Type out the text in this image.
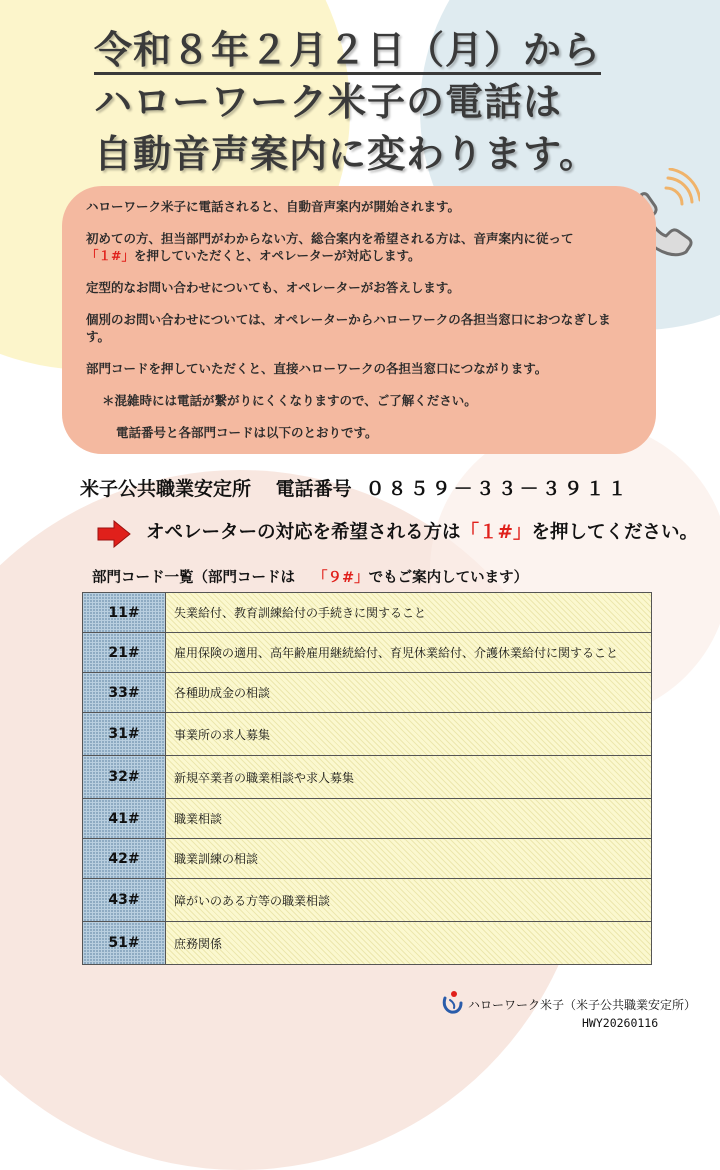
令和８年２月２日（月）から
ハローワーク米子の電話は
自動音声案内に変わります。

ハローワーク米子に電話されると、自動音声案内が開始されます。

初めての方、担当部門がわからない方、総合案内を希望される方は、音声案内に従って
「１#」を押していただくと、オペレーターが対応します。

定型的なお問い合わせについても、オペレーターがお答えします。

個別のお問い合わせについては、オペレーターからハローワークの各担当窓口におつなぎします。

部門コードを押していただくと、直接ハローワークの各担当窓口につながります。

＊混雑時には電話が繋がりにくくなりますので、ご了解ください。

電話番号と各部門コードは以下のとおりです。

米子公共職業安定所 電話番号 ０８５９－３３－３９１１
オペレーターの対応を希望される方は「１#」を押してください。
部門コード一覧（部門コードは 「９#」でもご案内しています）
11#	失業給付、教育訓練給付の手続きに関すること
21#	雇用保険の適用、高年齢雇用継続給付、育児休業給付、介護休業給付に関すること
33#	各種助成金の相談
31#	事業所の求人募集
32#	新規卒業者の職業相談や求人募集
41#	職業相談
42#	職業訓練の相談
43#	障がいのある方等の職業相談
51#	庶務関係
ハローワーク米子（米子公共職業安定所）
HWY20260116
